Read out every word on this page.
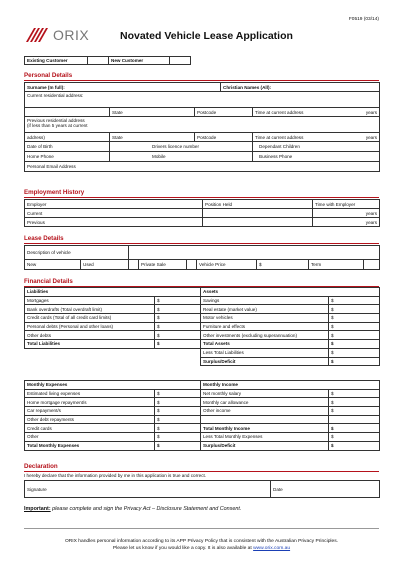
F0519 (03/14)
ORIX	Novated Vehicle Lease Application
Existing Customer		New Customer	
Personal Details
Surname (In full):			Christian Names (All):	
Current residential address:				
	State	Postcode		Time at current address years

Previous residential address
(if less than 5 years at current				

address)	State	Postcode		Time at current address years

Date of Birth	Drivers licence number			Dependant Children
Home Phone	Mobile			Business Phone
Personal Email Address				
Employment History
Employer	Position Held	Time with Employer
Current		years
Previous		years
Lease Details
Description of vehicle								
New	Used		Private Sale		Vehicle Price	$	Term	
Financial Details
Liabilities		Assets	
Mortgages	$	Savings	$
Bank overdrafts (Total overdraft limit)	$	Real estate (market value)	$
Credit cards (Total of all credit card limits)	$	Motor vehicles	$
Personal debts (Personal and other loans)	$	Furniture and effects	$
Other debts	$	Other investments (excluding superannuation)	$
Total Liabilities	$	Total Assets	$
		Less Total Liabilities	$
		Surplus/Deficit	$
Monthly Expenses		Monthly Income	
Estimated living expenses	$	Net monthly salary	$
Home mortgage repayment/s	$	Monthly car allowance	$
Car repayment/s	$	Other income	$
Other debt repayments	$		
Credit cards	$	Total Monthly Income	$
Other	$	Less Total Monthly Expenses	$
Total Monthly Expenses	$	Surplus/Deficit	$
Declaration
I hereby declare that the information provided by me in this application is true and correct.
Signature	Date
Important: please complete and sign the Privacy Act – Disclosure Statement and Consent.
ORIX handles personal information according to its APP Privacy Policy that is consistent with the Australian Privacy Principles.
Please let us know if you would like a copy. It is also available at www.orix.com.au
